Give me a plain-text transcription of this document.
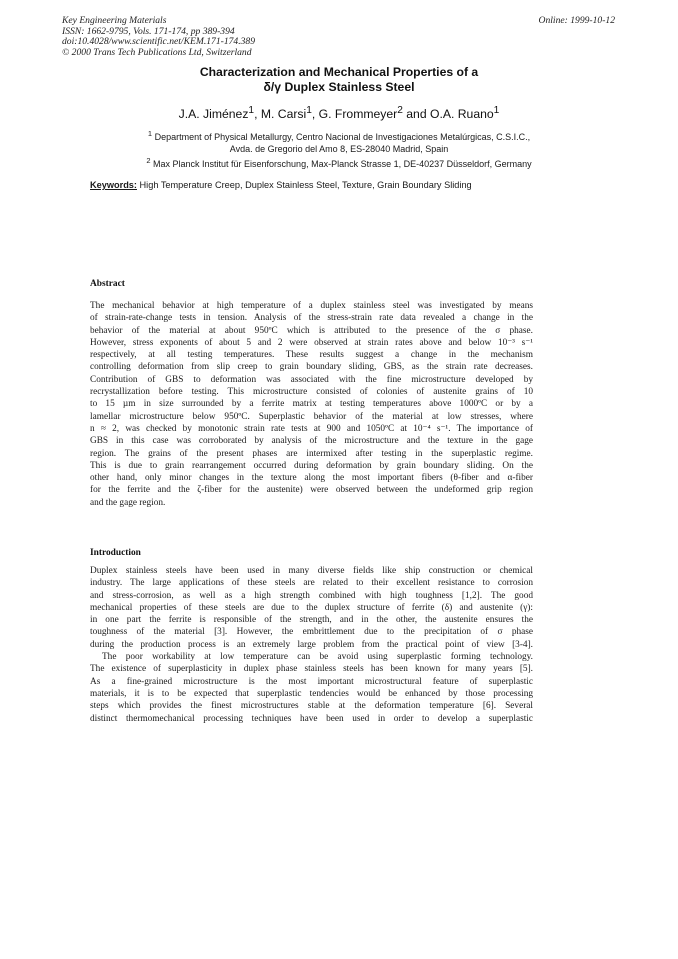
Key Engineering Materials
ISSN: 1662-9795, Vols. 171-174, pp 389-394
doi:10.4028/www.scientific.net/KEM.171-174.389
© 2000 Trans Tech Publications Ltd, Switzerland
Online: 1999-10-12
Characterization and Mechanical Properties of a
δ/γ Duplex Stainless Steel
J.A. Jiménez$^1$, M. Carsi$^1$, G. Frommeyer$^2$ and O.A. Ruano$^1$
$^1$ Department of Physical Metallurgy, Centro Nacional de Investigaciones Metalúrgicas, C.S.I.C.,
Avda. de Gregorio del Amo 8, ES-28040 Madrid, Spain
$^2$ Max Planck Institut für Eisenforschung, Max-Planck Strasse 1, DE-40237 Düsseldorf, Germany
Keywords: High Temperature Creep, Duplex Stainless Steel, Texture, Grain Boundary Sliding
Abstract
The mechanical behavior at high temperature of a duplex stainless steel was investigated by means
of strain-rate-change tests in tension. Analysis of the stress-strain rate data revealed a change in the
behavior of the material at about 950ºC which is attributed to the presence of the σ phase.
However, stress exponents of about 5 and 2 were observed at strain rates above and below 10⁻³ s⁻¹
respectively, at all testing temperatures. These results suggest a change in the mechanism
controlling deformation from slip creep to grain boundary sliding, GBS, as the strain rate decreases.
Contribution of GBS to deformation was associated with the fine microstructure developed by
recrystallization before testing. This microstructure consisted of colonies of austenite grains of 10
to 15 µm in size surrounded by a ferrite matrix at testing temperatures above 1000ºC or by a
lamellar microstructure below 950ºC. Superplastic behavior of the material at low stresses, where
n ≈ 2, was checked by monotonic strain rate tests at 900 and 1050ºC at 10⁻⁴ s⁻¹. The importance of
GBS in this case was corroborated by analysis of the microstructure and the texture in the gage
region. The grains of the present phases are intermixed after testing in the superplastic regime.
This is due to grain rearrangement occurred during deformation by grain boundary sliding. On the
other hand, only minor changes in the texture along the most important fibers (θ-fiber and α-fiber
for the ferrite and the ζ-fiber for the austenite) were observed between the undeformed grip region
and the gage region.
Introduction
Duplex stainless steels have been used in many diverse fields like ship construction or chemical
industry. The large applications of these steels are related to their excellent resistance to corrosion
and stress-corrosion, as well as a high strength combined with high toughness [1,2]. The good
mechanical properties of these steels are due to the duplex structure of ferrite (δ) and austenite (γ):
in one part the ferrite is responsible of the strength, and in the other, the austenite ensures the
toughness of the material [3]. However, the embrittlement due to the precipitation of σ phase
during the production process is an extremely large problem from the practical point of view [3-4].
The poor workability at low temperature can be avoid using superplastic forming technology.
The existence of superplasticity in duplex phase stainless steels has been known for many years [5].
As a fine-grained microstructure is the most important microstructural feature of superplastic
materials, it is to be expected that superplastic tendencies would be enhanced by those processing
steps which provides the finest microstructures stable at the deformation temperature [6]. Several
distinct thermomechanical processing techniques have been used in order to develop a superplastic
